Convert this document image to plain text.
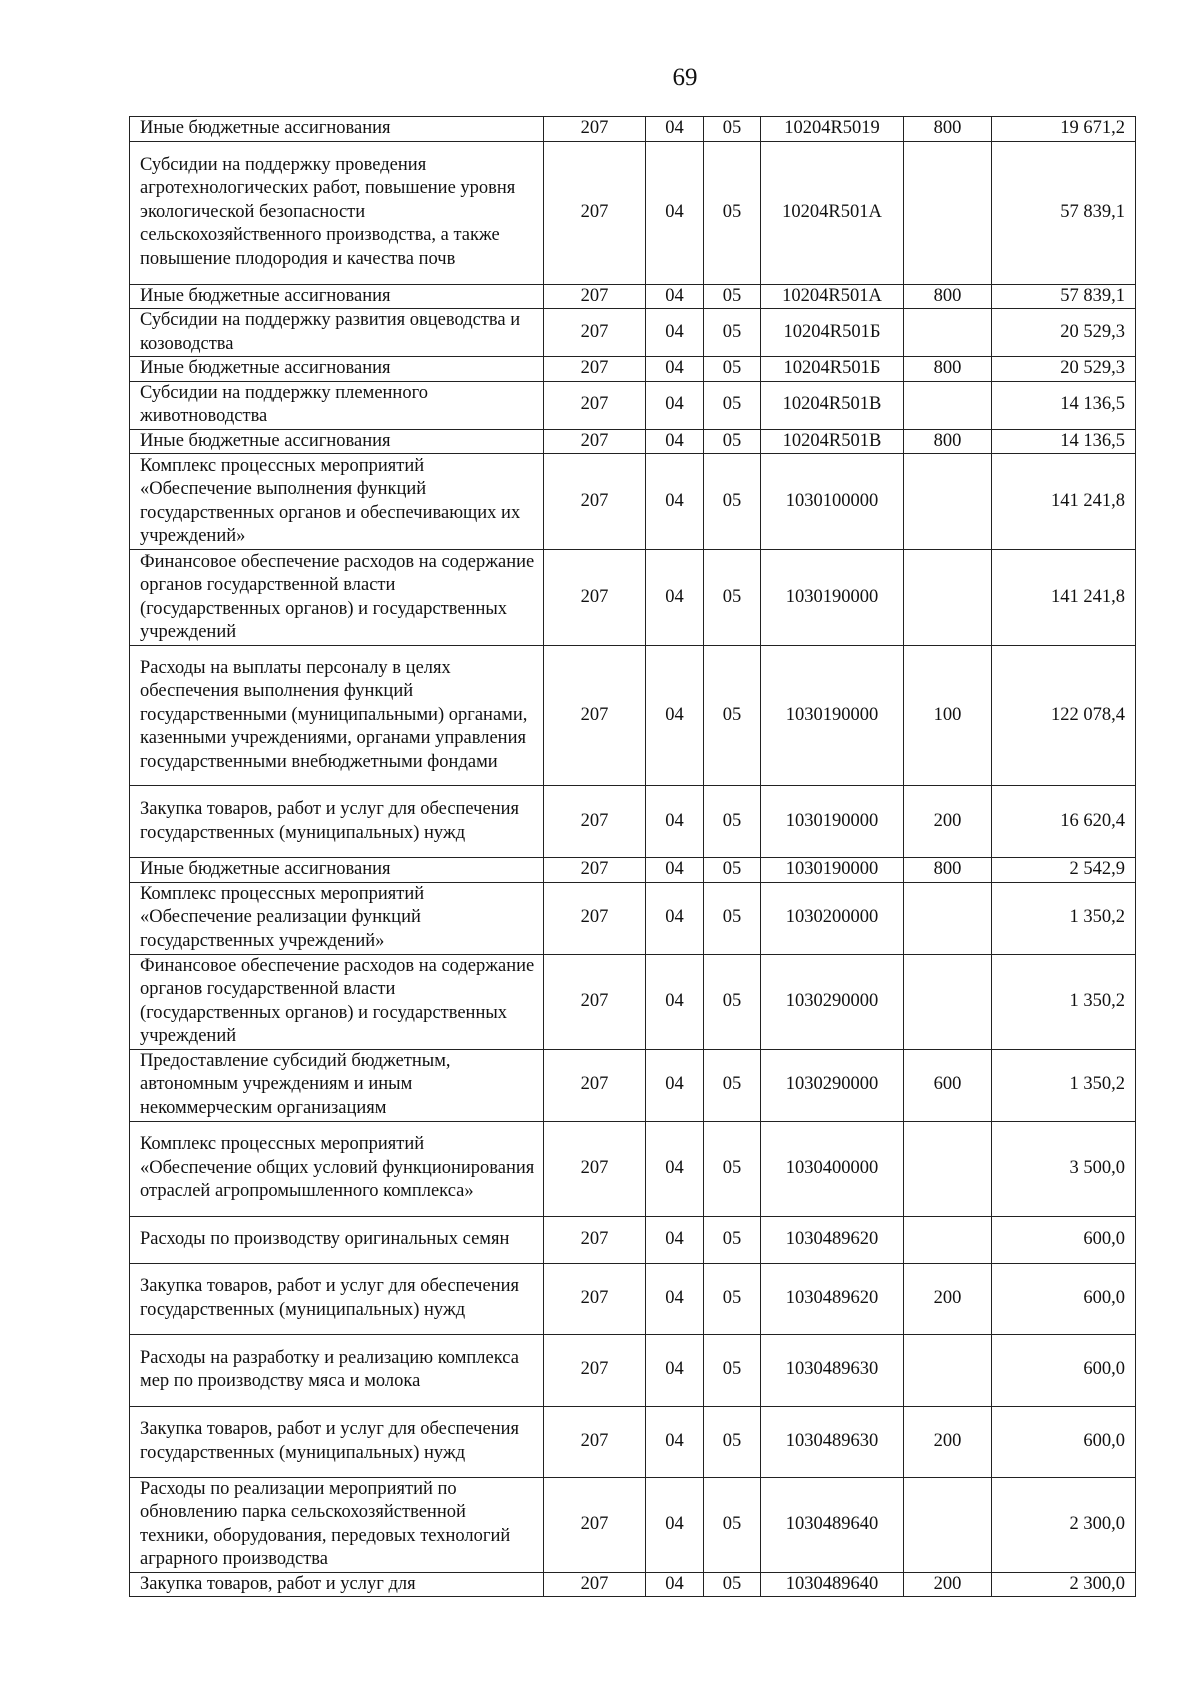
69
Иные бюджетные ассигнования	207	04	05	10204R5019	800	19 671,2
Субсидии на поддержку проведения агротехнологических работ, повышение уровня экологической безопасности сельскохозяйственного производства, а также повышение плодородия и качества почв	207	04	05	10204R501А		57 839,1
Иные бюджетные ассигнования	207	04	05	10204R501А	800	57 839,1
Субсидии на поддержку развития овцеводства и козоводства	207	04	05	10204R501Б		20 529,3
Иные бюджетные ассигнования	207	04	05	10204R501Б	800	20 529,3
Субсидии на поддержку племенного животноводства	207	04	05	10204R501В		14 136,5
Иные бюджетные ассигнования	207	04	05	10204R501В	800	14 136,5
Комплекс процессных мероприятий «Обеспечение выполнения функций государственных органов и обеспечивающих их учреждений»	207	04	05	1030100000		141 241,8
Финансовое обеспечение расходов на содержание органов государственной власти (государственных органов) и государственных учреждений	207	04	05	1030190000		141 241,8
Расходы на выплаты персоналу в целях обеспечения выполнения функций государственными (муниципальными) органами, казенными учреждениями, органами управления государственными внебюджетными фондами	207	04	05	1030190000	100	122 078,4
Закупка товаров, работ и услуг для обеспечения государственных (муниципальных) нужд	207	04	05	1030190000	200	16 620,4
Иные бюджетные ассигнования	207	04	05	1030190000	800	2 542,9
Комплекс процессных мероприятий «Обеспечение реализации функций государственных учреждений»	207	04	05	1030200000		1 350,2
Финансовое обеспечение расходов на содержание органов государственной власти (государственных органов) и государственных учреждений	207	04	05	1030290000		1 350,2
Предоставление субсидий бюджетным, автономным учреждениям и иным некоммерческим организациям	207	04	05	1030290000	600	1 350,2
Комплекс процессных мероприятий «Обеспечение общих условий функционирования отраслей агропромышленного комплекса»	207	04	05	1030400000		3 500,0
Расходы по производству оригинальных семян	207	04	05	1030489620		600,0
Закупка товаров, работ и услуг для обеспечения государственных (муниципальных) нужд	207	04	05	1030489620	200	600,0
Расходы на разработку и реализацию комплекса мер по производству мяса и молока	207	04	05	1030489630		600,0
Закупка товаров, работ и услуг для обеспечения государственных (муниципальных) нужд	207	04	05	1030489630	200	600,0
Расходы по реализации мероприятий по обновлению парка сельскохозяйственной техники, оборудования, передовых технологий аграрного производства	207	04	05	1030489640		2 300,0
Закупка товаров, работ и услуг для	207	04	05	1030489640	200	2 300,0
